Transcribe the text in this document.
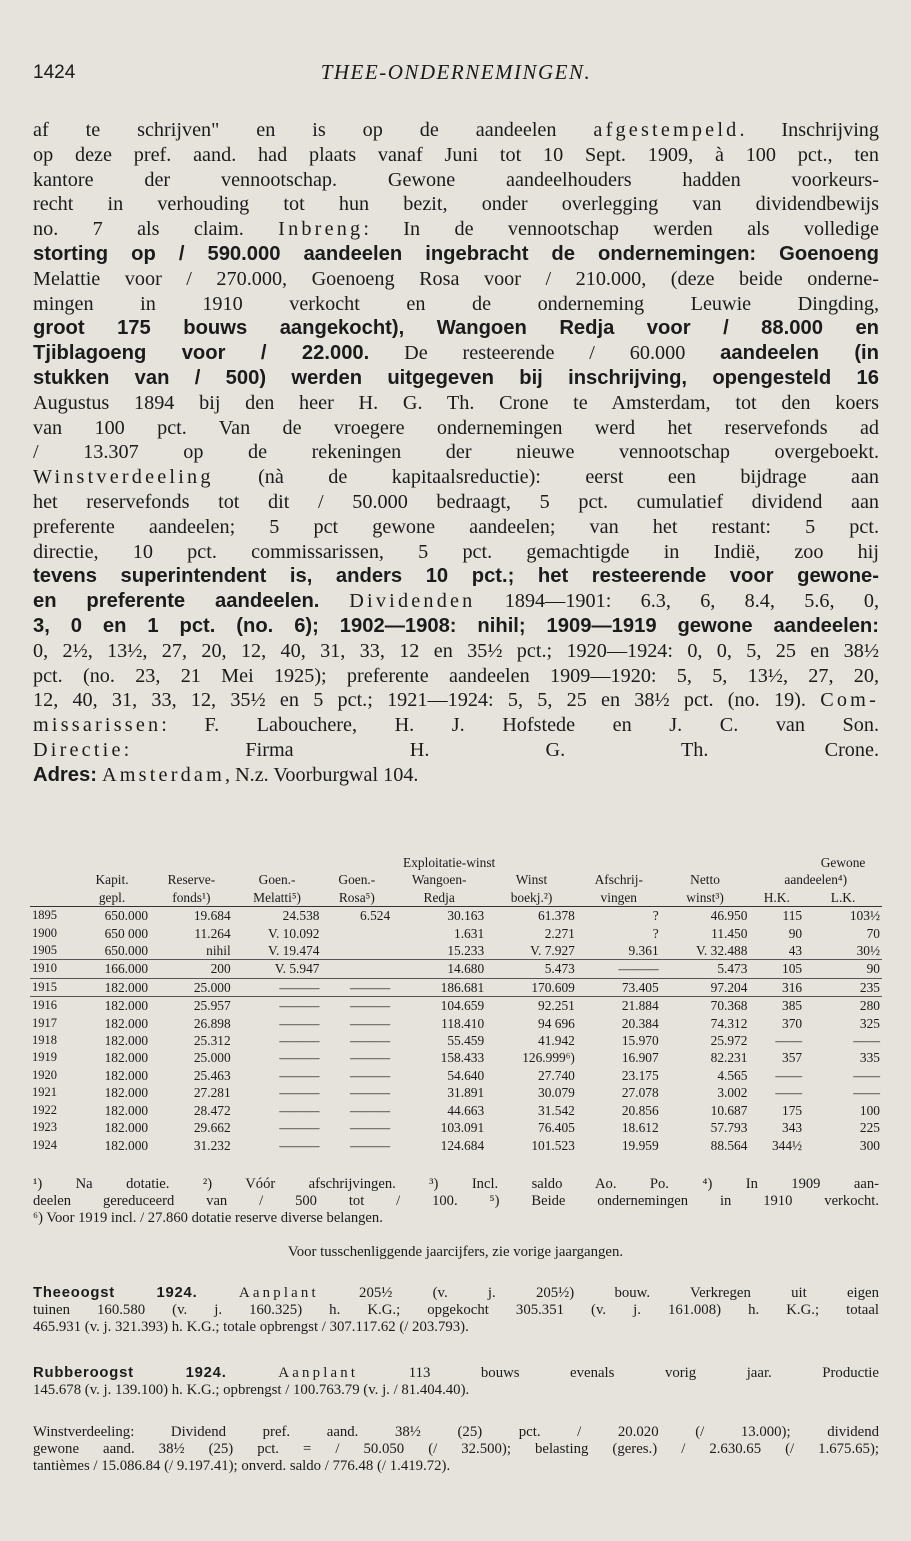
1424	THEE-ONDERNEMINGEN.
af te schrijven" en is op de aandeelen afgestempeld. Inschrijving
op deze pref. aand. had plaats vanaf Juni tot 10 Sept. 1909, à 100 pct., ten
kantore der vennootschap. Gewone aandeelhouders hadden voorkeurs-
recht in verhouding tot hun bezit, onder overlegging van dividendbewijs
no. 7 als claim. Inbreng: In de vennootschap werden als volledige
storting op / 590.000 aandeelen ingebracht de ondernemingen: Goenoeng
Melattie voor / 270.000, Goenoeng Rosa voor / 210.000, (deze beide onderne-
mingen in 1910 verkocht en de onderneming Leuwie Dingding,
groot 175 bouws aangekocht), Wangoen Redja voor / 88.000 en
Tjiblagoeng voor / 22.000. De resteerende / 60.000 aandeelen (in
stukken van / 500) werden uitgegeven bij inschrijving, opengesteld 16
Augustus 1894 bij den heer H. G. Th. Crone te Amsterdam, tot den koers
van 100 pct. Van de vroegere ondernemingen werd het reservefonds ad
/ 13.307 op de rekeningen der nieuwe vennootschap overgeboekt.
Winstverdeeling (nà de kapitaalsreductie): eerst een bijdrage aan
het reservefonds tot dit / 50.000 bedraagt, 5 pct. cumulatief dividend aan
preferente aandeelen; 5 pct gewone aandeelen; van het restant: 5 pct.
directie, 10 pct. commissarissen, 5 pct. gemachtigde in Indië, zoo hij
tevens superintendent is, anders 10 pct.; het resteerende voor gewone-
en preferente aandeelen. Dividenden 1894—1901: 6.3, 6, 8.4, 5.6, 0,
3, 0 en 1 pct. (no. 6); 1902—1908: nihil; 1909—1919 gewone aandeelen:
0, 2½, 13½, 27, 20, 12, 40, 31, 33, 12 en 35½ pct.; 1920—1924: 0, 0, 5, 25 en 38½
pct. (no. 23, 21 Mei 1925); preferente aandeelen 1909—1920: 5, 5, 13½, 27, 20,
12, 40, 31, 33, 12, 35½ en 5 pct.; 1921—1924: 5, 5, 25 en 38½ pct. (no. 19). Com-
missarissen: F. Labouchere, H. J. Hofstede en J. C. van Son.
Directie: Firma H. G. Th. Crone.
Adres: Amsterdam, N.z. Voorburgwal 104.
				Exploitatie-winst						Gewone
	Kapit.	Reserve-	Goen.-	Goen.-	Wangoen-	Winst	Afschrij-	Netto	aandeelen⁴)	
	gepl.	fonds¹)	Melatti⁵)	Rosa⁵)	Redja	boekj.²)	vingen	winst³)	H.K.	L.K.
1895	650.000	19.684	24.538	6.524	30.163	61.378	?	46.950	115	103½
1900	650 000	11.264	V. 10.092		1.631	2.271	?	11.450	90	70
1905	650.000	nihil	V. 19.474		15.233	V. 7.927	9.361	V. 32.488	43	30½
1910	166.000	200	V. 5.947		14.680	5.473	———	5.473	105	90
1915	182.000	25.000	———	———	186.681	170.609	73.405	97.204	316	235
1916	182.000	25.957	———	———	104.659	92.251	21.884	70.368	385	280
1917	182.000	26.898	———	———	118.410	94 696	20.384	74.312	370	325
1918	182.000	25.312	———	———	55.459	41.942	15.970	25.972	——	——
1919	182.000	25.000	———	———	158.433	126.999⁶)	16.907	82.231	357	335
1920	182.000	25.463	———	———	54.640	27.740	23.175	4.565	——	——
1921	182.000	27.281	———	———	31.891	30.079	27.078	3.002	——	——
1922	182.000	28.472	———	———	44.663	31.542	20.856	10.687	175	100
1923	182.000	29.662	———	———	103.091	76.405	18.612	57.793	343	225
1924	182.000	31.232	———	———	124.684	101.523	19.959	88.564	344½	300
¹) Na dotatie. ²) Vóór afschrijvingen. ³) Incl. saldo Ao. Po. ⁴) In 1909 aan-
deelen gereduceerd van / 500 tot / 100. ⁵) Beide ondernemingen in 1910 verkocht.
⁶) Voor 1919 incl. / 27.860 dotatie reserve diverse belangen.
Voor tusschenliggende jaarcijfers, zie vorige jaargangen.
Theeoogst 1924. Aanplant 205½ (v. j. 205½) bouw. Verkregen uit eigen
tuinen 160.580 (v. j. 160.325) h. K.G.; opgekocht 305.351 (v. j. 161.008) h. K.G.; totaal
465.931 (v. j. 321.393) h. K.G.; totale opbrengst / 307.117.62 (/ 203.793).
Rubberoogst 1924. Aanplant 113 bouws evenals vorig jaar. Productie
145.678 (v. j. 139.100) h. K.G.; opbrengst / 100.763.79 (v. j. / 81.404.40).
Winstverdeeling: Dividend pref. aand. 38½ (25) pct. / 20.020 (/ 13.000); dividend
gewone aand. 38½ (25) pct. = / 50.050 (/ 32.500); belasting (geres.) / 2.630.65 (/ 1.675.65);
tantièmes / 15.086.84 (/ 9.197.41); onverd. saldo / 776.48 (/ 1.419.72).
